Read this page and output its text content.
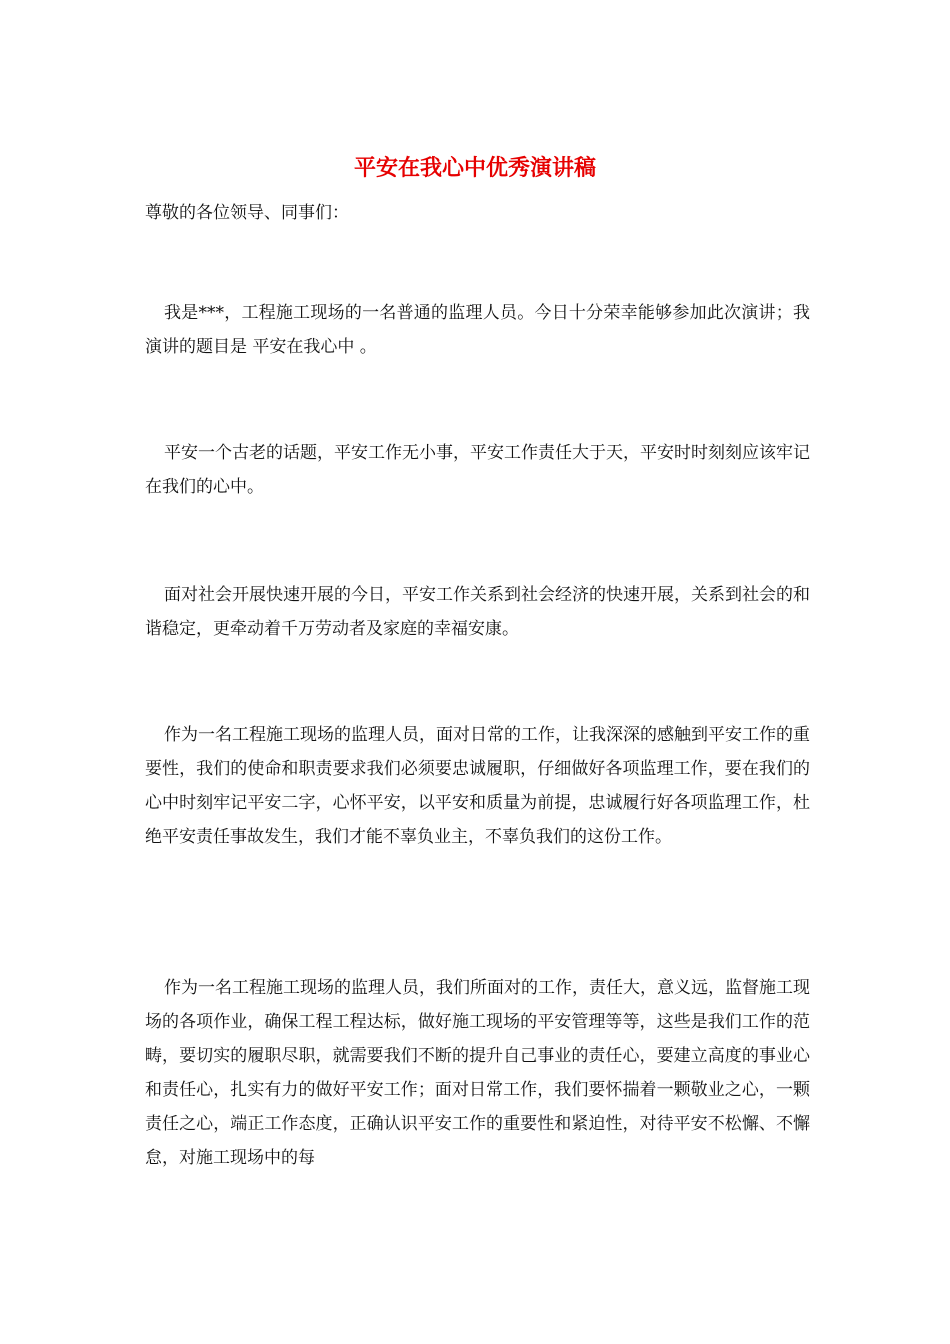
平安在我心中优秀演讲稿

尊敬的各位领导、同事们：

我是***，工程施工现场的一名普通的监理人员。今日十分荣幸能够参加此次演讲；我演讲的题目是 平安在我心中 。

平安一个古老的话题，平安工作无小事，平安工作责任大于天，平安时时刻刻应该牢记在我们的心中。

面对社会开展快速开展的今日，平安工作关系到社会经济的快速开展，关系到社会的和谐稳定，更牵动着千万劳动者及家庭的幸福安康。

作为一名工程施工现场的监理人员，面对日常的工作，让我深深的感触到平安工作的重要性，我们的使命和职责要求我们必须要忠诚履职，仔细做好各项监理工作，要在我们的心中时刻牢记平安二字，心怀平安，以平安和质量为前提，忠诚履行好各项监理工作，杜绝平安责任事故发生，我们才能不辜负业主，不辜负我们的这份工作。

作为一名工程施工现场的监理人员，我们所面对的工作，责任大，意义远，监督施工现场的各项作业，确保工程工程达标，做好施工现场的平安管理等等，这些是我们工作的范畴，要切实的履职尽职，就需要我们不断的提升自己事业的责任心，要建立高度的事业心和责任心，扎实有力的做好平安工作；面对日常工作，我们要怀揣着一颗敬业之心，一颗责任之心，端正工作态度，正确认识平安工作的重要性和紧迫性，对待平安不松懈、不懈怠，对施工现场中的每
